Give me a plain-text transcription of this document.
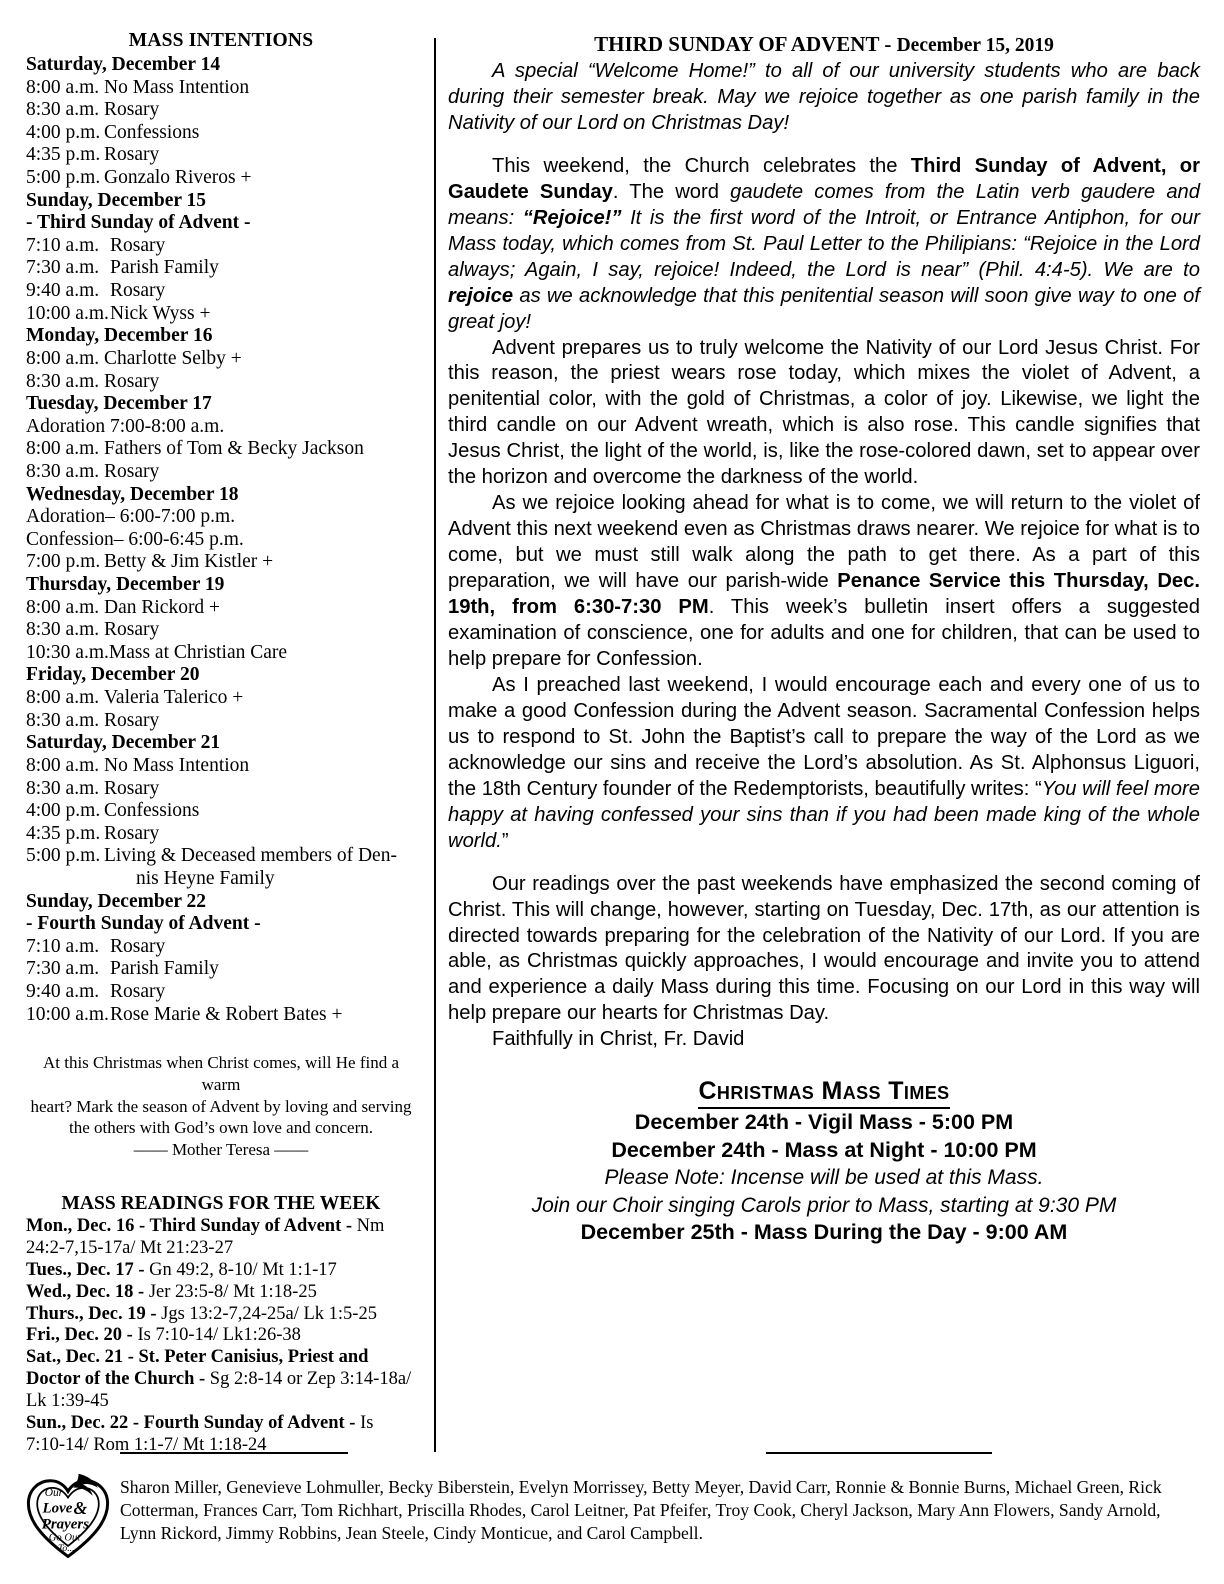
MASS INTENTIONS
Saturday, December 14
8:00 a.m. No Mass Intention
8:30 a.m. Rosary
4:00 p.m. Confessions
4:35 p.m. Rosary
5:00 p.m. Gonzalo Riveros +
Sunday, December 15
- Third Sunday of Advent -
7:10 a.m. Rosary
7:30 a.m. Parish Family
9:40 a.m. Rosary
10:00 a.m.Nick Wyss +
Monday, December 16
8:00 a.m. Charlotte Selby +
8:30 a.m. Rosary
Tuesday, December 17
Adoration 7:00-8:00 a.m.
8:00 a.m. Fathers of Tom & Becky Jackson
8:30 a.m. Rosary
Wednesday, December 18
Adoration– 6:00-7:00 p.m.
Confession– 6:00-6:45 p.m.
7:00 p.m. Betty & Jim Kistler +
Thursday, December 19
8:00 a.m. Dan Rickord +
8:30 a.m. Rosary
10:30 a.m.Mass at Christian Care
Friday, December 20
8:00 a.m. Valeria Talerico +
8:30 a.m. Rosary
Saturday, December 21
8:00 a.m. No Mass Intention
8:30 a.m. Rosary
4:00 p.m. Confessions
4:35 p.m. Rosary
5:00 p.m. Living & Deceased members of Den-
nis Heyne Family
Sunday, December 22
- Fourth Sunday of Advent -
7:10 a.m. Rosary
7:30 a.m. Parish Family
9:40 a.m. Rosary
10:00 a.m.Rose Marie & Robert Bates +
At this Christmas when Christ comes, will He find a warm
heart? Mark the season of Advent by loving and serving
the others with God’s own love and concern.
—— Mother Teresa ——
MASS READINGS FOR THE WEEK
Mon., Dec. 16 - Third Sunday of Advent - Nm 24:2-7,15-17a/ Mt 21:23-27
Tues., Dec. 17 - Gn 49:2, 8-10/ Mt 1:1-17
Wed., Dec. 18 - Jer 23:5-8/ Mt 1:18-25
Thurs., Dec. 19 - Jgs 13:2-7,24-25a/ Lk 1:5-25
Fri., Dec. 20 - Is 7:10-14/ Lk1:26-38
Sat., Dec. 21 - St. Peter Canisius, Priest and Doctor of the Church - Sg 2:8-14 or Zep 3:14-18a/ Lk 1:39-45
Sun., Dec. 22 - Fourth Sunday of Advent - Is 7:10-14/ Rom 1:1-7/ Mt 1:18-24
THIRD SUNDAY OF ADVENT - December 15, 2019

A special “Welcome Home!” to all of our university students who are back during their semester break. May we rejoice together as one parish family in the Nativity of our Lord on Christmas Day!

This weekend, the Church celebrates the Third Sunday of Advent, or Gaudete Sunday. The word gaudete comes from the Latin verb gaudere and means: “Rejoice!” It is the first word of the Introit, or Entrance Antiphon, for our Mass today, which comes from St. Paul Letter to the Philipians: “Rejoice in the Lord always; Again, I say, rejoice! Indeed, the Lord is near” (Phil. 4:4-5). We are to rejoice as we acknowledge that this penitential season will soon give way to one of great joy!

Advent prepares us to truly welcome the Nativity of our Lord Jesus Christ. For this reason, the priest wears rose today, which mixes the violet of Advent, a penitential color, with the gold of Christmas, a color of joy. Likewise, we light the third candle on our Advent wreath, which is also rose. This candle signifies that Jesus Christ, the light of the world, is, like the rose-colored dawn, set to appear over the horizon and overcome the darkness of the world.

As we rejoice looking ahead for what is to come, we will return to the violet of Advent this next weekend even as Christmas draws nearer. We rejoice for what is to come, but we must still walk along the path to get there. As a part of this preparation, we will have our parish-wide Penance Service this Thursday, Dec. 19th, from 6:30-7:30 PM. This week’s bulletin insert offers a suggested examination of conscience, one for adults and one for children, that can be used to help prepare for Confession.

As I preached last weekend, I would encourage each and every one of us to make a good Confession during the Advent season. Sacramental Confession helps us to respond to St. John the Baptist’s call to prepare the way of the Lord as we acknowledge our sins and receive the Lord’s absolution. As St. Alphonsus Liguori, the 18th Century founder of the Redemptorists, beautifully writes: “You will feel more happy at having confessed your sins than if you had been made king of the whole world.”

Our readings over the past weekends have emphasized the second coming of Christ. This will change, however, starting on Tuesday, Dec. 17th, as our attention is directed towards preparing for the celebration of the Nativity of our Lord. If you are able, as Christmas quickly approaches, I would encourage and invite you to attend and experience a daily Mass during this time. Focusing on our Lord in this way will help prepare our hearts for Christmas Day.

Faithfully in Christ, Fr. David

Christmas Mass Times
December 24th - Vigil Mass - 5:00 PM
December 24th - Mass at Night - 10:00 PM
Please Note: Incense will be used at this Mass.
Join our Choir singing Carols prior to Mass, starting at 9:30 PM
December 25th - Mass During the Day - 9:00 AM
Our
Love &
Prayers
Go Out
To...
Sharon Miller, Genevieve Lohmuller, Becky Biberstein, Evelyn Morrissey, Betty Meyer, David Carr, Ronnie & Bonnie Burns, Michael Green, Rick Cotterman, Frances Carr, Tom Richhart, Priscilla Rhodes, Carol Leitner, Pat Pfeifer, Troy Cook, Cheryl Jackson, Mary Ann Flowers, Sandy Arnold, Lynn Rickord, Jimmy Robbins, Jean Steele, Cindy Monticue, and Carol Campbell.
